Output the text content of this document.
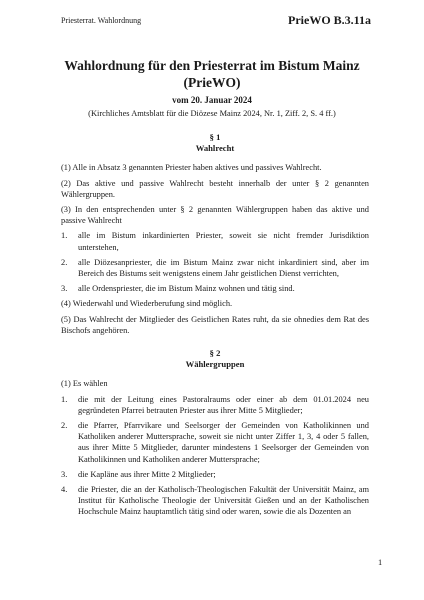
Priesterrat. Wahlordnung	PrieWO B.3.11a
Wahlordnung für den Priesterrat im Bistum Mainz
(PrieWO)
vom 20. Januar 2024
(Kirchliches Amtsblatt für die Diözese Mainz 2024, Nr. 1, Ziff. 2, S. 4 ff.)
§ 1
Wahlrecht
(1) Alle in Absatz 3 genannten Priester haben aktives und passives Wahlrecht.
(2) Das aktive und passive Wahlrecht besteht innerhalb der unter § 2 genannten Wählergruppen.
(3) In den entsprechenden unter § 2 genannten Wählergruppen haben das aktive und passive Wahlrecht
1. alle im Bistum inkardinierten Priester, soweit sie nicht fremder Jurisdiktion unterstehen,
2. alle Diözesanpriester, die im Bistum Mainz zwar nicht inkardiniert sind, aber im Bereich des Bistums seit wenigstens einem Jahr geistlichen Dienst verrichten,
3. alle Ordenspriester, die im Bistum Mainz wohnen und tätig sind.
(4) Wiederwahl und Wiederberufung sind möglich.
(5) Das Wahlrecht der Mitglieder des Geistlichen Rates ruht, da sie ohnedies dem Rat des Bischofs angehören.
§ 2
Wählergruppen
(1) Es wählen
1. die mit der Leitung eines Pastoralraums oder einer ab dem 01.01.2024 neu gegründeten Pfarrei betrauten Priester aus ihrer Mitte 5 Mitglieder;
2. die Pfarrer, Pfarrvikare und Seelsorger der Gemeinden von Katholikinnen und Katholiken anderer Muttersprache, soweit sie nicht unter Ziffer 1, 3, 4 oder 5 fallen, aus ihrer Mitte 5 Mitglieder, darunter mindestens 1 Seelsorger der Gemeinden von Katholikinnen und Katholiken anderer Muttersprache;
3. die Kapläne aus ihrer Mitte 2 Mitglieder;
4. die Priester, die an der Katholisch-Theologischen Fakultät der Universität Mainz, am Institut für Katholische Theologie der Universität Gießen und an der Katholischen Hochschule Mainz hauptamtlich tätig sind oder waren, sowie die als Dozenten an
1
